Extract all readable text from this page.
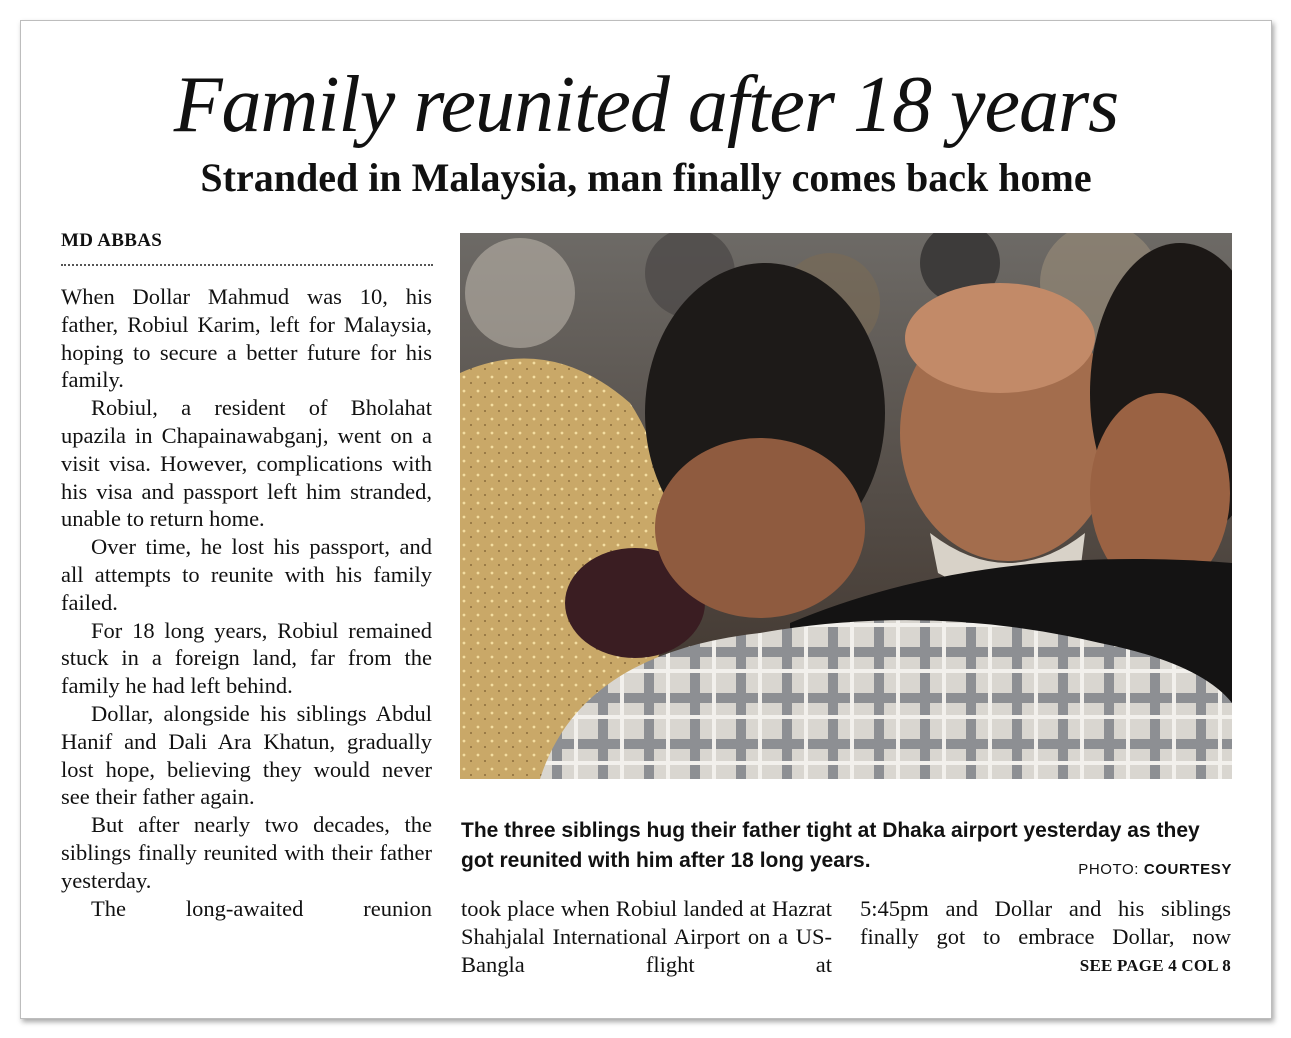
Family reunited after 18 years
Stranded in Malaysia, man finally comes back home
MD ABBAS

When Dollar Mahmud was 10, his father, Robiul Karim, left for Malaysia, hoping to secure a better future for his family.

Robiul, a resident of Bholahat upazila in Chapainawabganj, went on a visit visa. However, complications with his visa and passport left him stranded, unable to return home.

Over time, he lost his passport, and all attempts to reunite with his family failed.

For 18 long years, Robiul remained stuck in a foreign land, far from the family he had left behind.

Dollar, alongside his siblings Abdul Hanif and Dali Ara Khatun, gradually lost hope, believing they would never see their father again.

But after nearly two decades, the siblings finally reunited with their father yesterday.

The long-awaited reunion

The three siblings hug their father tight at Dhaka airport yesterday as they got reunited with him after 18 long years.	PHOTO: COURTESY
took place when Robiul landed at Hazrat Shahjalal International Airport on a US-Bangla flight at
5:45pm and Dollar and his siblings finally got to embrace Dollar, now
SEE PAGE 4 COL 8
